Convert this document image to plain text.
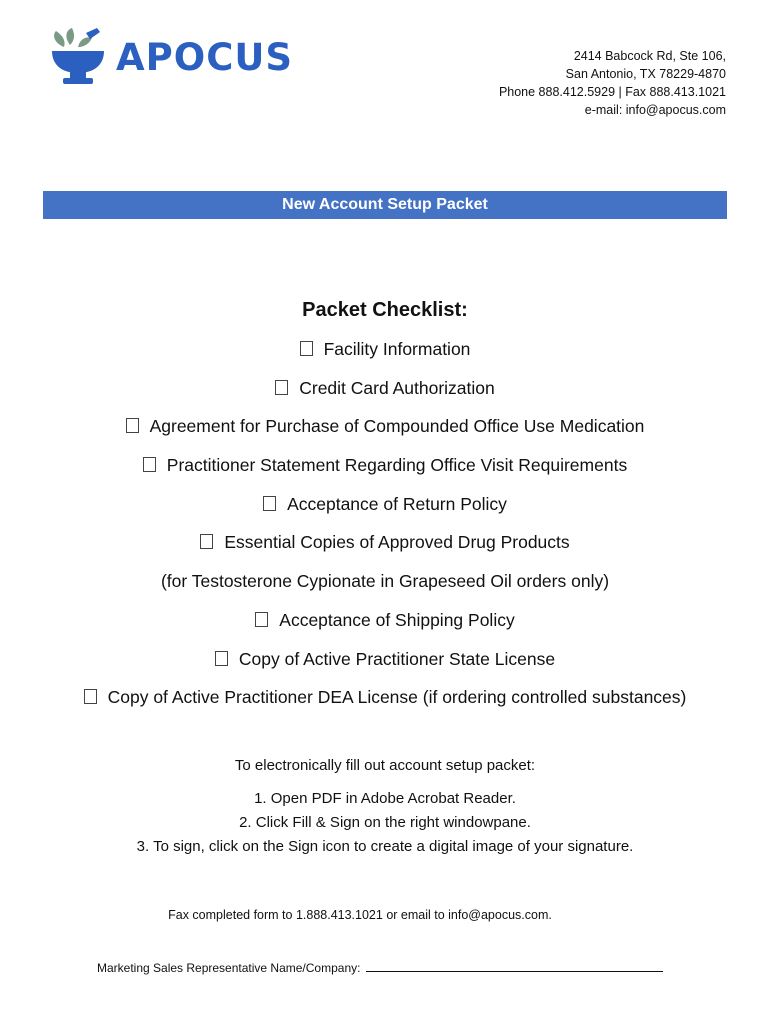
APOCUS	2414 Babcock Rd, Ste 106,
San Antonio, TX 78229-4870
Phone 888.412.5929 | Fax 888.413.1021
e-mail: info@apocus.com
New Account Setup Packet
Packet Checklist:
Facility Information
Credit Card Authorization
Agreement for Purchase of Compounded Office Use Medication
Practitioner Statement Regarding Office Visit Requirements
Acceptance of Return Policy
Essential Copies of Approved Drug Products
(for Testosterone Cypionate in Grapeseed Oil orders only)
Acceptance of Shipping Policy
Copy of Active Practitioner State License
Copy of Active Practitioner DEA License (if ordering controlled substances)
To electronically fill out account setup packet:
1. Open PDF in Adobe Acrobat Reader.
2. Click Fill & Sign on the right windowpane.
3. To sign, click on the Sign icon to create a digital image of your signature.
Fax completed form to 1.888.413.1021 or email to info@apocus.com.
Marketing Sales Representative Name/Company:
